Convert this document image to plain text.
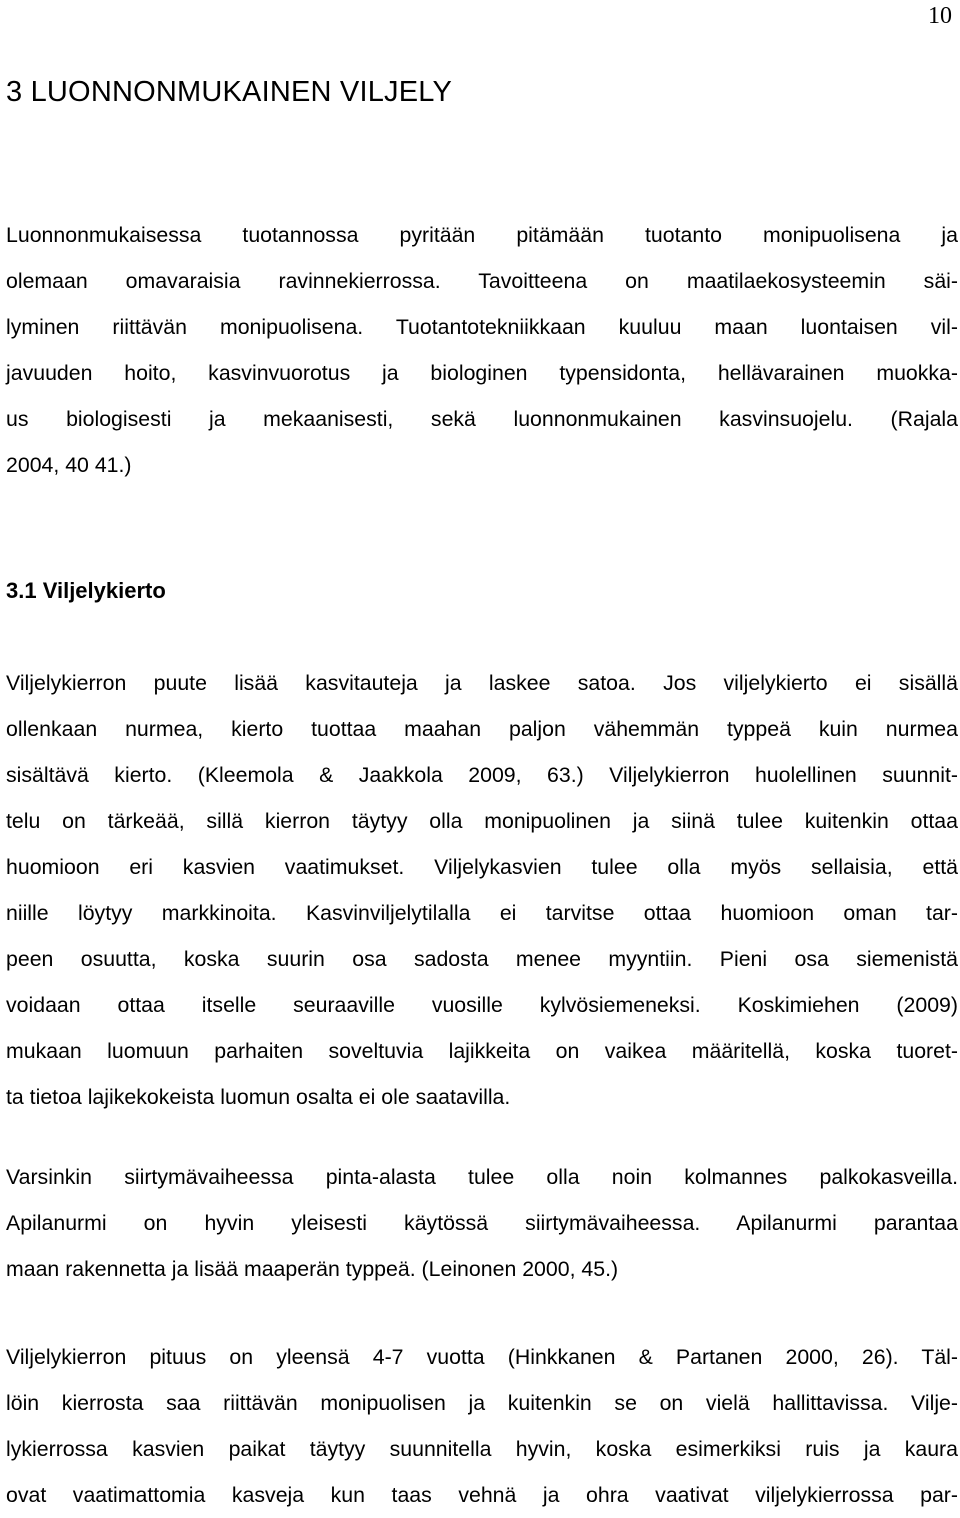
10
3 LUONNONMUKAINEN VILJELY
Luonnonmukaisessa tuotannossa pyritään pitämään tuotanto monipuolisena ja
olemaan omavaraisia ravinnekierrossa. Tavoitteena on maatilaekosysteemin säi-
lyminen riittävän monipuolisena. Tuotantotekniikkaan kuuluu maan luontaisen vil-
javuuden hoito, kasvinvuorotus ja biologinen typensidonta, hellävarainen muokka-
us biologisesti ja mekaanisesti, sekä luonnonmukainen kasvinsuojelu. (Rajala
2004, 40 41.)
3.1 Viljelykierto
Viljelykierron puute lisää kasvitauteja ja laskee satoa. Jos viljelykierto ei sisällä
ollenkaan nurmea, kierto tuottaa maahan paljon vähemmän typpeä kuin nurmea
sisältävä kierto. (Kleemola & Jaakkola 2009, 63.) Viljelykierron huolellinen suunnit-
telu on tärkeää, sillä kierron täytyy olla monipuolinen ja siinä tulee kuitenkin ottaa
huomioon eri kasvien vaatimukset. Viljelykasvien tulee olla myös sellaisia, että
niille löytyy markkinoita. Kasvinviljelytilalla ei tarvitse ottaa huomioon oman tar-
peen osuutta, koska suurin osa sadosta menee myyntiin. Pieni osa siemenistä
voidaan ottaa itselle seuraaville vuosille kylvösiemeneksi. Koskimiehen (2009)
mukaan luomuun parhaiten soveltuvia lajikkeita on vaikea määritellä, koska tuoret-
ta tietoa lajikekokeista luomun osalta ei ole saatavilla.
Varsinkin siirtymävaiheessa pinta-alasta tulee olla noin kolmannes palkokasveilla.
Apilanurmi on hyvin yleisesti käytössä siirtymävaiheessa. Apilanurmi parantaa
maan rakennetta ja lisää maaperän typpeä. (Leinonen 2000, 45.)
Viljelykierron pituus on yleensä 4-7 vuotta (Hinkkanen & Partanen 2000, 26). Täl-
löin kierrosta saa riittävän monipuolisen ja kuitenkin se on vielä hallittavissa. Vilje-
lykierrossa kasvien paikat täytyy suunnitella hyvin, koska esimerkiksi ruis ja kaura
ovat vaatimattomia kasveja kun taas vehnä ja ohra vaativat viljelykierrossa par-
